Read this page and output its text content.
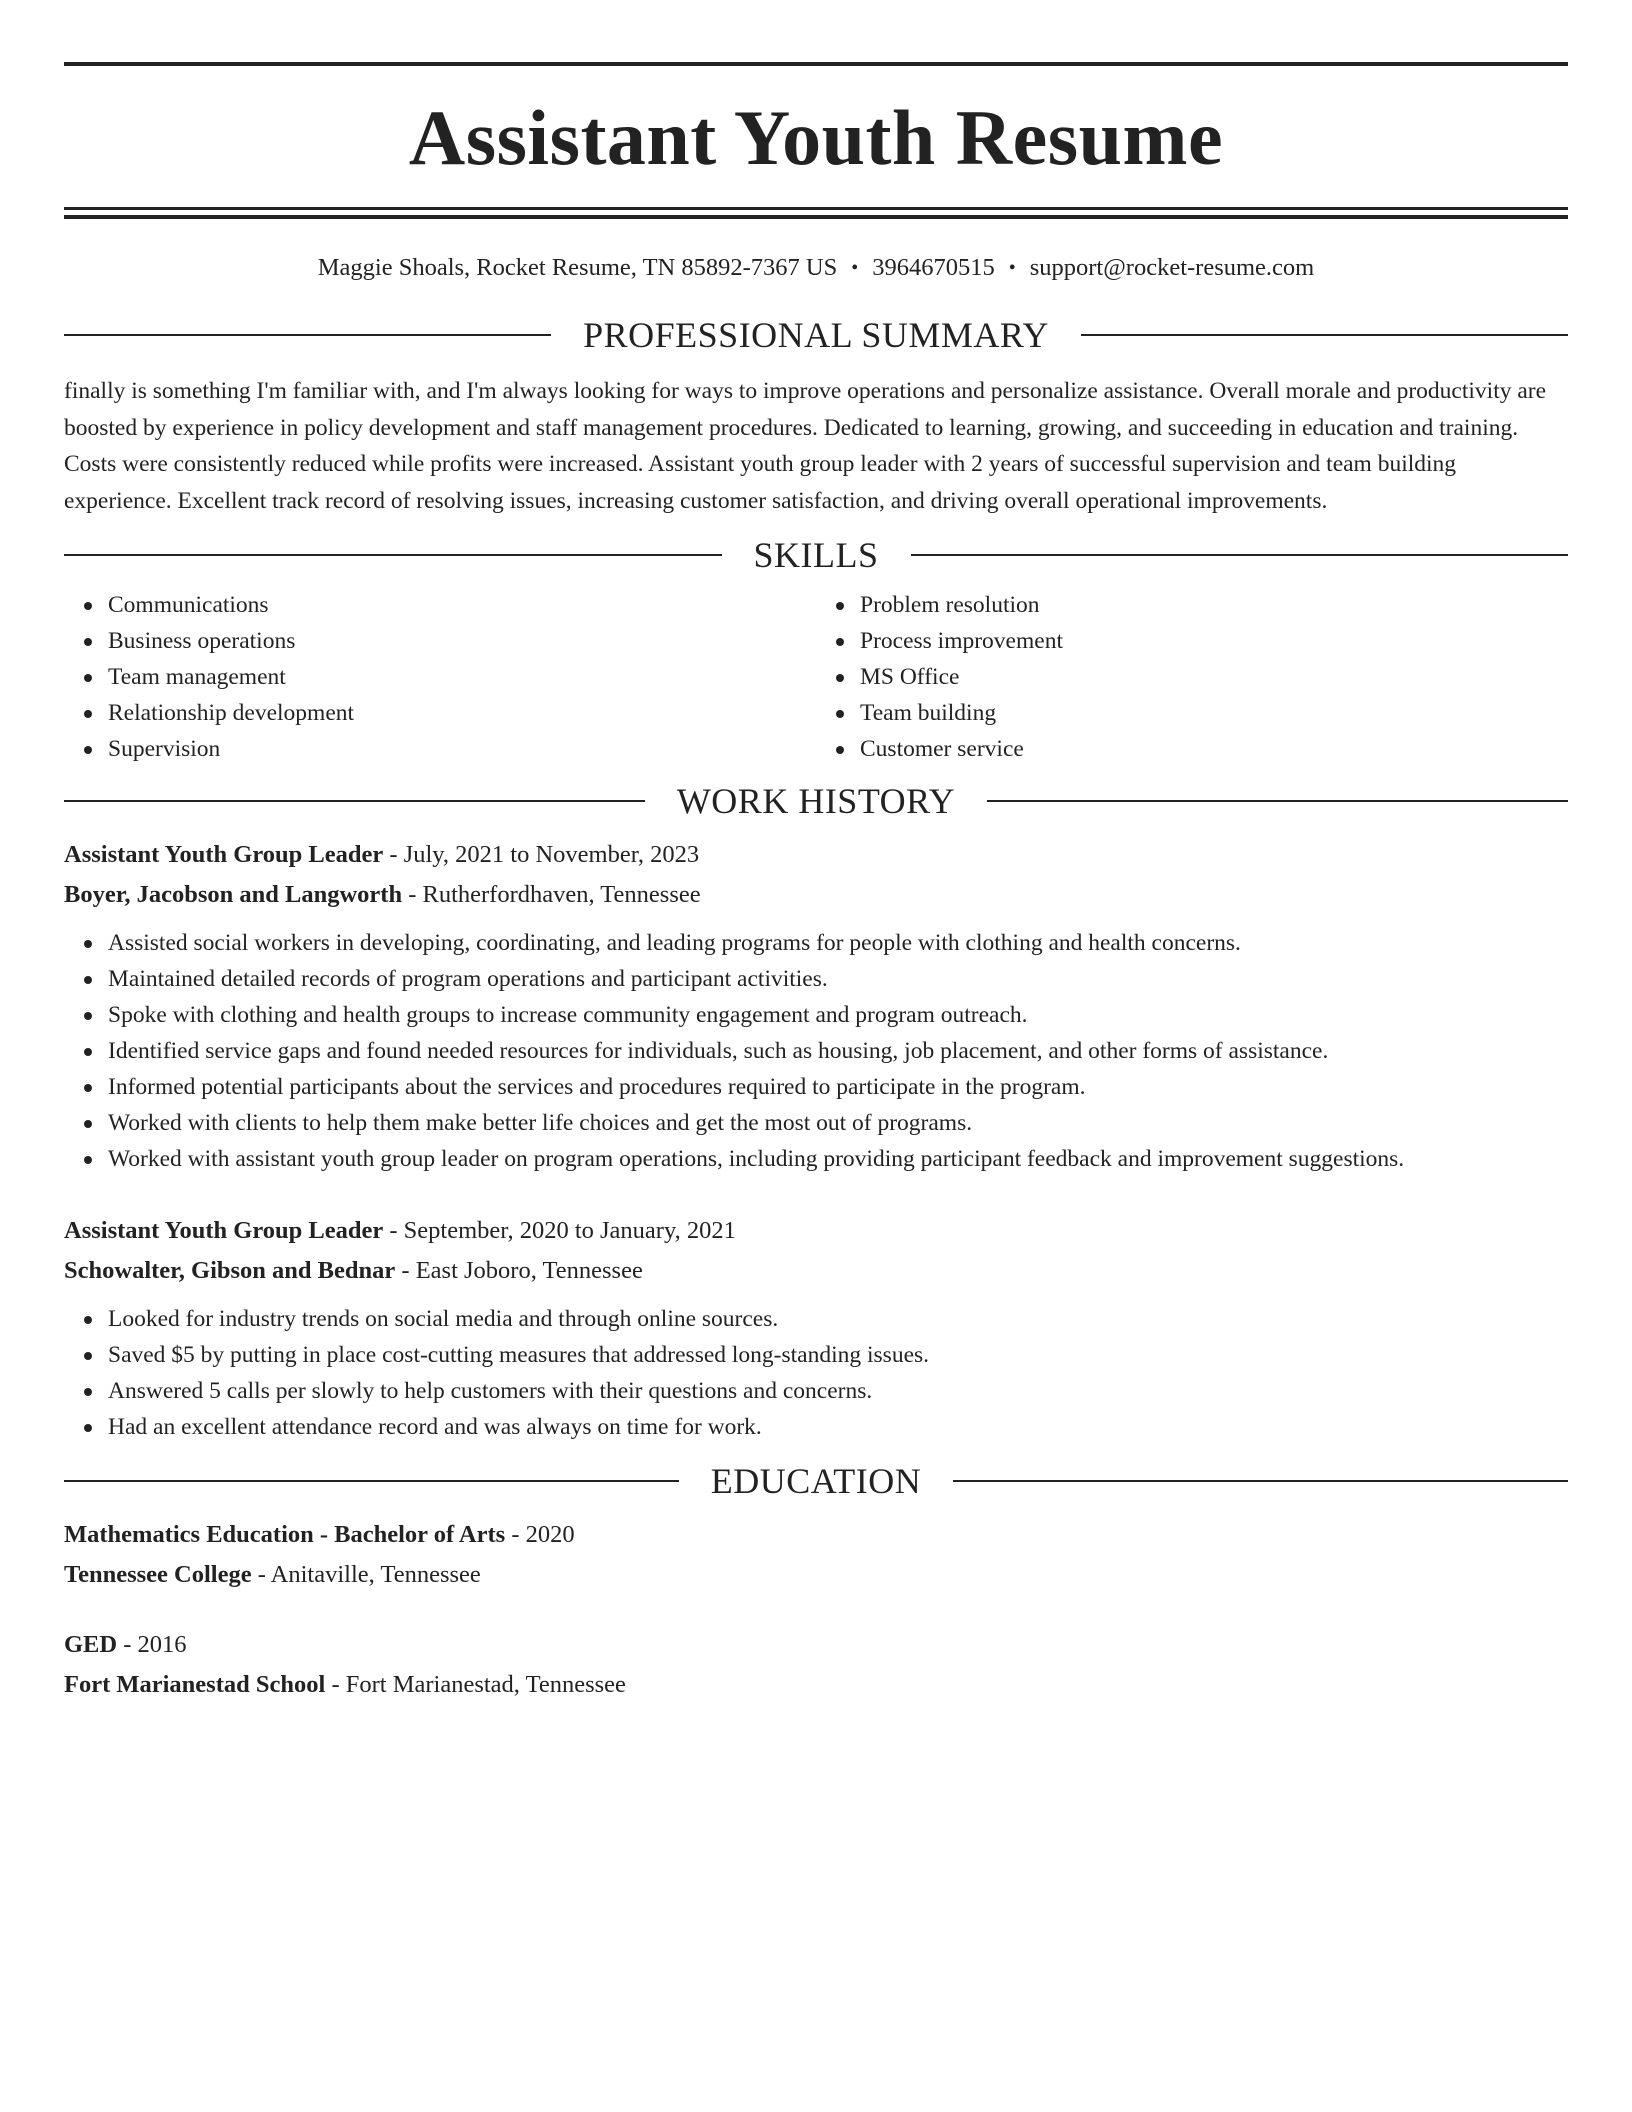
Assistant Youth Resume
Maggie Shoals, Rocket Resume, TN 85892-7367 US • 3964670515 • support@rocket-resume.com
PROFESSIONAL SUMMARY

finally is something I'm familiar with, and I'm always looking for ways to improve operations and personalize assistance. Overall morale and productivity are boosted by experience in policy development and staff management procedures. Dedicated to learning, growing, and succeeding in education and training. Costs were consistently reduced while profits were increased. Assistant youth group leader with 2 years of successful supervision and team building experience. Excellent track record of resolving issues, increasing customer satisfaction, and driving overall operational improvements.

SKILLS
Communications
Business operations
Team management
Relationship development
Supervision
Problem resolution
Process improvement
MS Office
Team building
Customer service
WORK HISTORY
Assistant Youth Group Leader - July, 2021 to November, 2023
Boyer, Jacobson and Langworth - Rutherfordhaven, Tennessee
Assisted social workers in developing, coordinating, and leading programs for people with clothing and health concerns.
Maintained detailed records of program operations and participant activities.
Spoke with clothing and health groups to increase community engagement and program outreach.
Identified service gaps and found needed resources for individuals, such as housing, job placement, and other forms of assistance.
Informed potential participants about the services and procedures required to participate in the program.
Worked with clients to help them make better life choices and get the most out of programs.
Worked with assistant youth group leader on program operations, including providing participant feedback and improvement suggestions.
Assistant Youth Group Leader - September, 2020 to January, 2021
Schowalter, Gibson and Bednar - East Joboro, Tennessee
Looked for industry trends on social media and through online sources.
Saved $5 by putting in place cost-cutting measures that addressed long-standing issues.
Answered 5 calls per slowly to help customers with their questions and concerns.
Had an excellent attendance record and was always on time for work.
EDUCATION
Mathematics Education - Bachelor of Arts - 2020
Tennessee College - Anitaville, Tennessee
GED - 2016
Fort Marianestad School - Fort Marianestad, Tennessee
